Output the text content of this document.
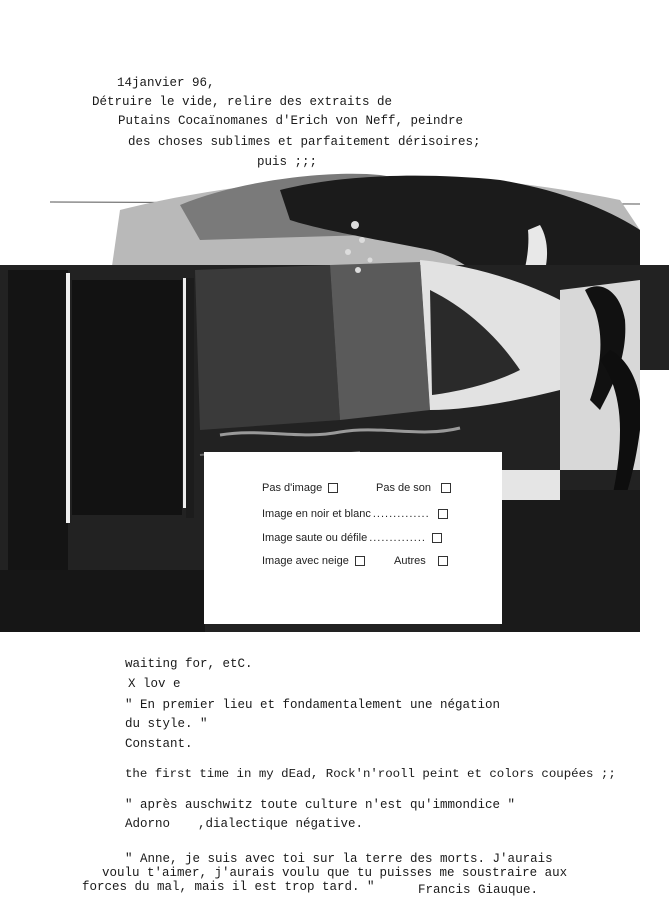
14janvier 96,
Détruire le vide, relire des extraits de
Putains Cocaïnomanes d'Erich von Neff, peindre
des choses sublimes et parfaitement dérisoires;
puis ;;;
Pas d'image	Pas de son
Image en noir et blanc ..............
Image saute ou défile ..............
Image avec neige	Autres
waiting for, etC.
X lov e
" En premier lieu et fondamentalement une négation
du style. "
Constant.
the first time in my dEad, Rock'n'rooll peint et colors coupées ;;
" après auschwitz toute culture n'est qu'immondice "
Adorno ,dialectique négative.
" Anne, je suis avec toi sur la terre des morts. J'aurais
voulu t'aimer, j'aurais voulu que tu puisses me soustraire aux
forces du mal, mais il est trop tard. "	Francis Giauque.
